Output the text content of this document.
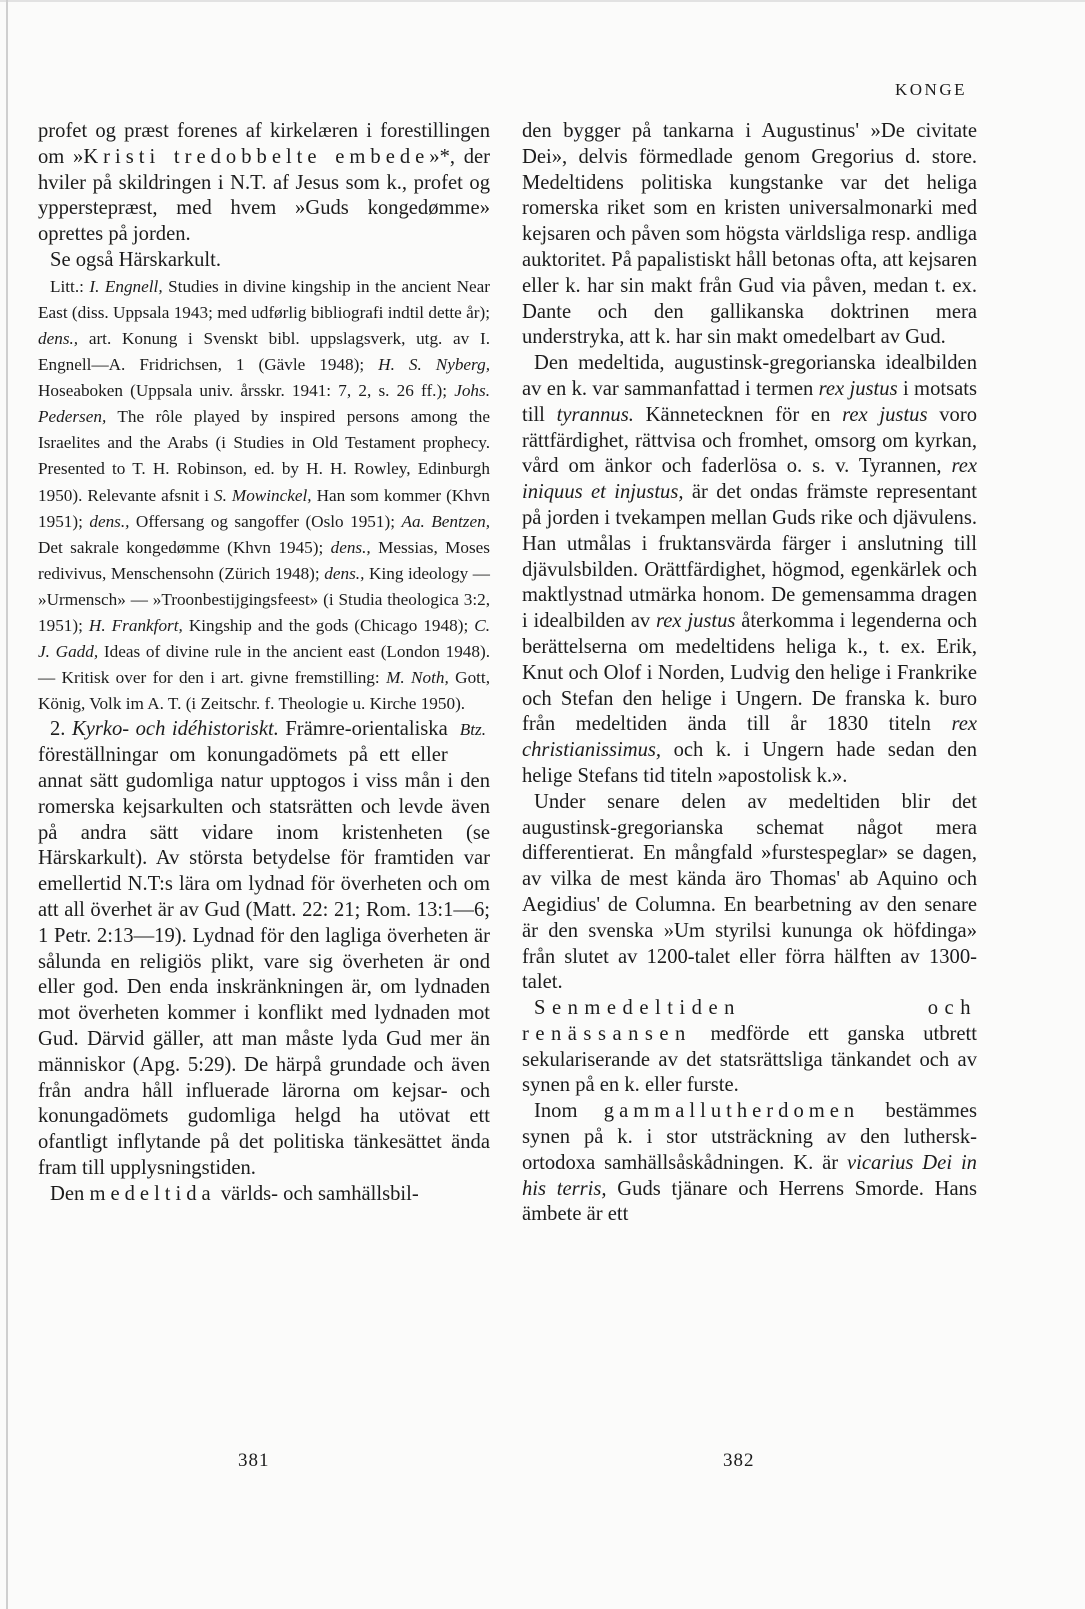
KONGE

profet og præst forenes af kirkelæren i forestillingen om »Kristi tredobbelte embede»*, der hviler på skildringen i N.T. af Jesus som k., profet og ypperstepræst, med hvem »Guds kongedømme» oprettes på jorden.

Se også Härskarkult.

Litt.: I. Engnell, Studies in divine kingship in the ancient Near East (diss. Uppsala 1943; med udførlig bibliografi indtil dette år); dens., art. Konung i Svenskt bibl. uppslagsverk, utg. av I. Engnell—A. Fridrichsen, 1 (Gävle 1948); H. S. Nyberg, Hoseaboken (Uppsala univ. årsskr. 1941: 7, 2, s. 26 ff.); Johs. Pedersen, The rôle played by inspired persons among the Israelites and the Arabs (i Studies in Old Testament prophecy. Presented to T. H. Robinson, ed. by H. H. Rowley, Edinburgh 1950). Relevante afsnit i S. Mowinckel, Han som kommer (Khvn 1951); dens., Offersang og sangoffer (Oslo 1951); Aa. Bentzen, Det sakrale kongedømme (Khvn 1945); dens., Messias, Moses redivivus, Menschensohn (Zürich 1948); dens., King ideology — »Urmensch» — »Troonbestijgingsfeest» (i Studia theologica 3:2, 1951); H. Frankfort, Kingship and the gods (Chicago 1948); C. J. Gadd, Ideas of divine rule in the ancient east (London 1948). — Kritisk over for den i art. givne fremstilling: M. Noth, Gott, König, Volk im A. T. (i Zeitschr. f. Theologie u. Kirche 1950).
Btz.

2. Kyrko- och idéhistoriskt. Främre-orientaliska föreställningar om konungadömets på ett eller annat sätt gudomliga natur upptogos i viss mån i den romerska kejsarkulten och statsrätten och levde även på andra sätt vidare inom kristenheten (se Härskarkult). Av största betydelse för framtiden var emellertid N.T:s lära om lydnad för överheten och om att all överhet är av Gud (Matt. 22: 21; Rom. 13:1—6; 1 Petr. 2:13—19). Lydnad för den lagliga överheten är sålunda en religiös plikt, vare sig överheten är ond eller god. Den enda inskränkningen är, om lydnaden mot överheten kommer i konflikt med lydnaden mot Gud. Därvid gäller, att man måste lyda Gud mer än människor (Apg. 5:29). De härpå grundade och även från andra håll influerade lärorna om kejsar- och konungadömets gudomliga helgd ha utövat ett ofantligt inflytande på det politiska tänkesättet ända fram till upplysningstiden.

Den medeltida världs- och samhällsbil-

den bygger på tankarna i Augustinus' »De civitate Dei», delvis förmedlade genom Gregorius d. store. Medeltidens politiska kungstanke var det heliga romerska riket som en kristen universalmonarki med kejsaren och påven som högsta världsliga resp. andliga auktoritet. På papalistiskt håll betonas ofta, att kejsaren eller k. har sin makt från Gud via påven, medan t. ex. Dante och den gallikanska doktrinen mera understryka, att k. har sin makt omedelbart av Gud.

Den medeltida, augustinsk-gregorianska idealbilden av en k. var sammanfattad i termen rex justus i motsats till tyrannus. Kännetecknen för en rex justus voro rättfärdighet, rättvisa och fromhet, omsorg om kyrkan, vård om änkor och faderlösa o. s. v. Tyrannen, rex iniquus et injustus, är det ondas främste representant på jorden i tvekampen mellan Guds rike och djävulens. Han utmålas i fruktansvärda färger i anslutning till djävulsbilden. Orättfärdighet, högmod, egenkärlek och maktlystnad utmärka honom. De gemensamma dragen i idealbilden av rex justus återkomma i legenderna och berättelserna om medeltidens heliga k., t. ex. Erik, Knut och Olof i Norden, Ludvig den helige i Frankrike och Stefan den helige i Ungern. De franska k. buro från medeltiden ända till år 1830 titeln rex christianissimus, och k. i Ungern hade sedan den helige Stefans tid titeln »apostolisk k.».

Under senare delen av medeltiden blir det augustinsk-gregorianska schemat något mera differentierat. En mångfald »furstespeglar» se dagen, av vilka de mest kända äro Thomas' ab Aquino och Aegidius' de Columna. En bearbetning av den senare är den svenska »Um styrilsi kununga ok höfdinga» från slutet av 1200-talet eller förra hälften av 1300-talet.

Senmedeltiden och renässansen medförde ett ganska utbrett sekulariserande av det statsrättsliga tänkandet och av synen på en k. eller furste.

Inom gammallutherdomen bestämmes synen på k. i stor utsträckning av den luthersk-ortodoxa samhällsåskådningen. K. är vicarius Dei in his terris, Guds tjänare och Herrens Smorde. Hans ämbete är ett

381	382
